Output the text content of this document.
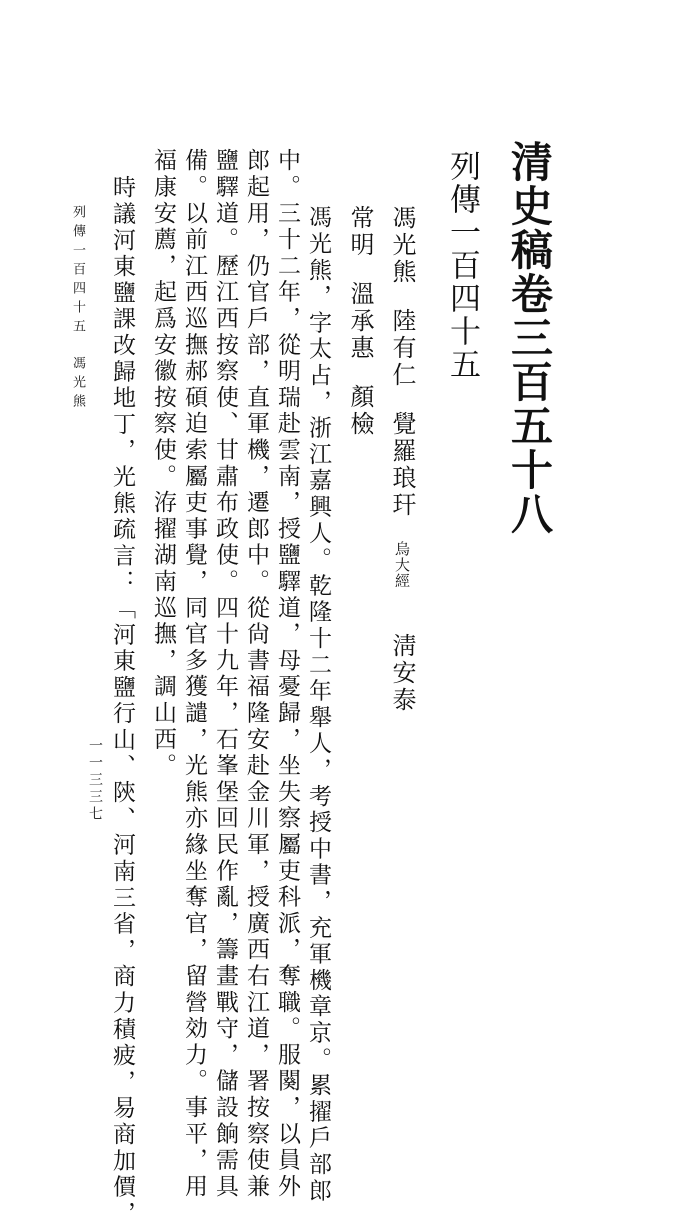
清史稿卷三百五十八
列傳一百四十五
馮光熊陸有仁覺羅琅玕烏大經淸安泰
常明溫承惠顏檢
馮光熊，字太占，浙江嘉興人。乾隆十二年舉人，考授中書，充軍機章京。累擢戶部郎
中。三十二年，從明瑞赴雲南，授鹽驛道，母憂歸，坐失察屬吏科派，奪職。服闋，以員外
郎起用，仍官戶部，直軍機，遷郎中。從尙書福隆安赴金川軍，授廣西右江道，署按察使兼
鹽驛道。歷江西按察使、甘肅布政使。四十九年，石峯堡回民作亂，籌畫戰守，儲設餉需具
備。以前江西巡撫郝碩迫索屬吏事覺，同官多獲譴，光熊亦緣坐奪官，留營効力。事平，用
福康安薦，起爲安徽按察使。洊擢湖南巡撫，調山西。
時議河東鹽課改歸地丁，光熊疏言：「河東鹽行山、陝、河南三省，商力積疲，易商加價，
列傳一百四十五馮光熊
一一三三七
